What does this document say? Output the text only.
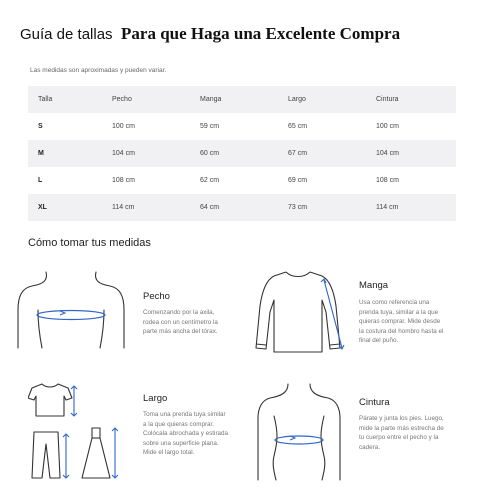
Guía de tallas Para que Haga una Excelente Compra
Las medidas son aproximadas y pueden variar.
Talla	Pecho	Manga	Largo	Cintura
S	100 cm	59 cm	65 cm	100 cm
M	104 cm	60 cm	67 cm	104 cm
L	108 cm	62 cm	69 cm	108 cm
XL	114 cm	64 cm	73 cm	114 cm
Cómo tomar tus medidas
Pecho
Comenzando por la axila,
rodea con un centímetro la
parte más ancha del tórax.
Manga
Usa como referencia una
prenda tuya, similar a la que
quieras comprar. Mide desde
la costura del hombro hasta el
final del puño.
Largo
Toma una prenda tuya similar
a la que quieras comprar.
Colócala abrochada y estirada
sobre una superficie plana.
Mide el largo total.
Cintura
Párate y junta los pies. Luego,
mide la parte más estrecha de
tu cuerpo entre el pecho y la
cadera.
